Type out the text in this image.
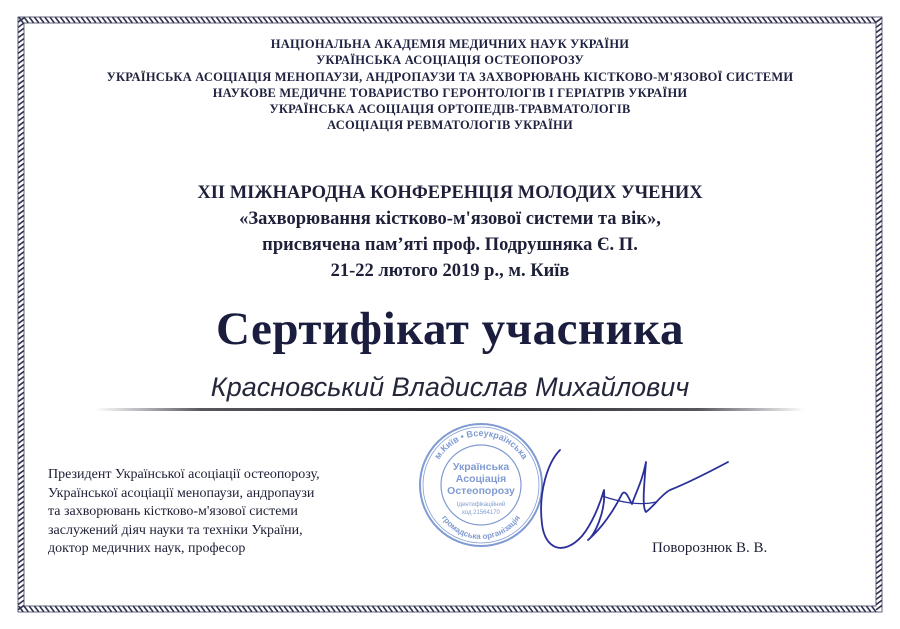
НАЦІОНАЛЬНА АКАДЕМІЯ МЕДИЧНИХ НАУК УКРАЇНИ
УКРАЇНСЬКА АСОЦІАЦІЯ ОСТЕОПОРОЗУ
УКРАЇНСЬКА АСОЦІАЦІЯ МЕНОПАУЗИ, АНДРОПАУЗИ ТА ЗАХВОРЮВАНЬ КІСТКОВО-М'ЯЗОВОЇ СИСТЕМИ
НАУКОВЕ МЕДИЧНЕ ТОВАРИСТВО ГЕРОНТОЛОГІВ І ГЕРІАТРІВ УКРАЇНИ
УКРАЇНСЬКА АСОЦІАЦІЯ ОРТОПЕДІВ-ТРАВМАТОЛОГІВ
АСОЦІАЦІЯ РЕВМАТОЛОГІВ УКРАЇНИ
XII МІЖНАРОДНА КОНФЕРЕНЦІЯ МОЛОДИХ УЧЕНИХ
«Захворювання кістково-м'язової системи та вік»,
присвячена пам’яті проф. Подрушняка Є. П.
21-22 лютого 2019 р., м. Київ
Сертифікат учасника
Красновський Владислав Михайлович
м.Київ • Всеукраїнська
громадська організація
Українська
Асоціація
Остеопорозу
Ідентифікаційний
код 21564170
Президент Української асоціації остеопорозу,
Української асоціації менопаузи, андропаузи
та захворювань кістково-м'язової системи
заслужений діяч науки та техніки України,
доктор медичних наук, професор	Поворознюк В. В.
